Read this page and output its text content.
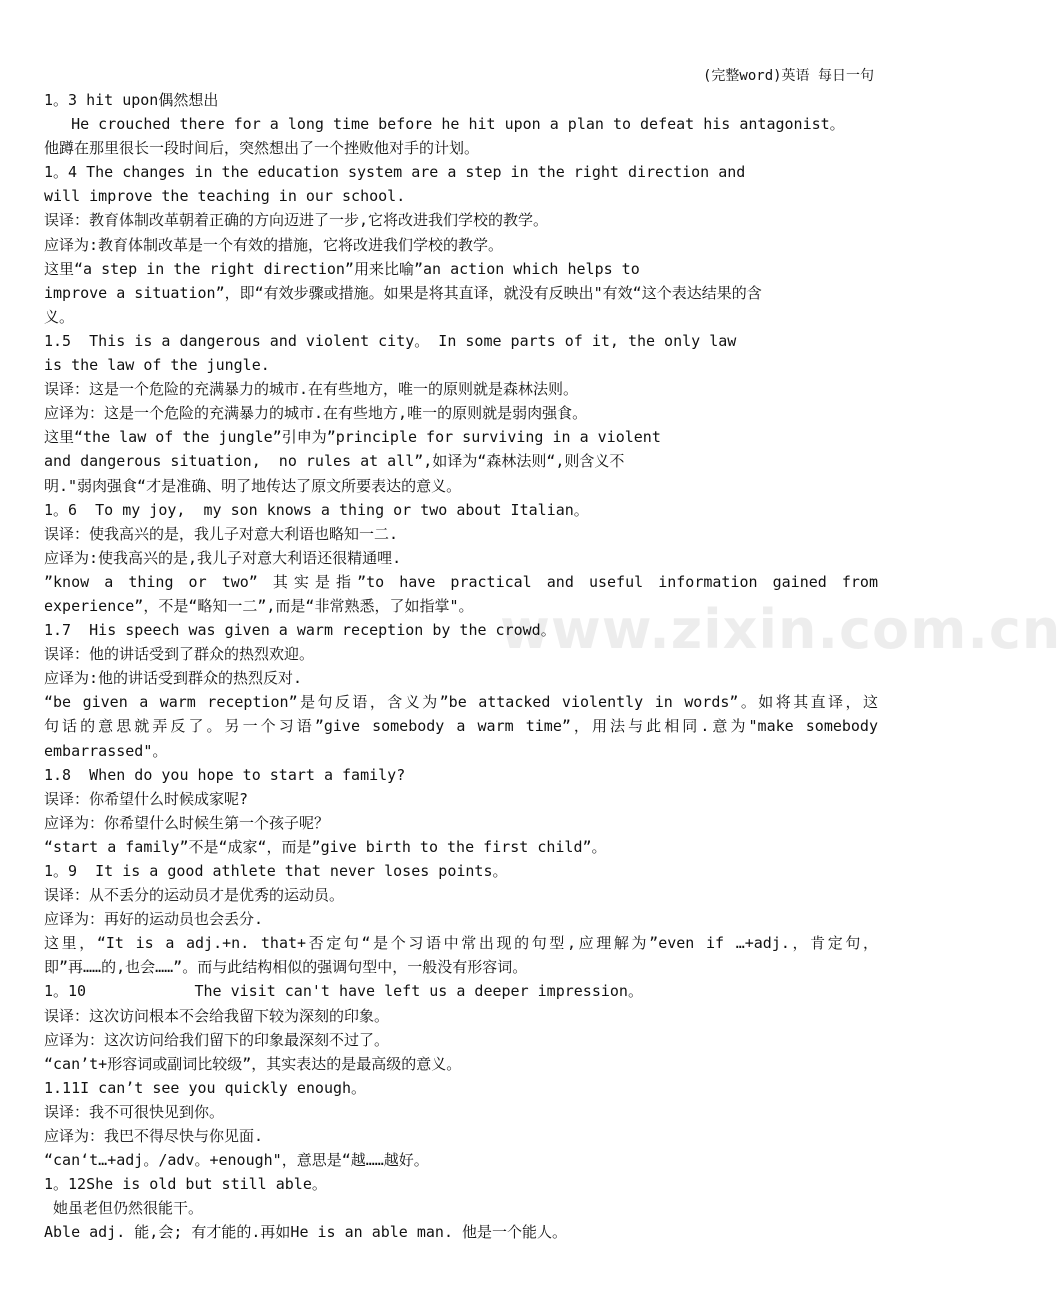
(完整word)英语 每日一句
www.zixin.com.cn
1。3 hit upon偶然想出
He crouched there for a long time before he hit upon a plan to defeat his antagonist。
他蹲在那里很长一段时间后，突然想出了一个挫败他对手的计划。
1。4 The changes in the education system are a step in the right direction and
will improve the teaching in our school.
误译：教育体制改革朝着正确的方向迈进了一步,它将改进我们学校的教学。
应译为:教育体制改革是一个有效的措施，它将改进我们学校的教学。
这里“a step in the right direction”用来比喻”an action which helps to
improve a situation”，即“有效步骤或措施。如果是将其直译，就没有反映出"有效“这个表达结果的含
义。
1.5  This is a dangerous and violent city。 In some parts of it, the only law
is the law of the jungle.
误译：这是一个危险的充满暴力的城市.在有些地方，唯一的原则就是森林法则。
应译为：这是一个危险的充满暴力的城市.在有些地方,唯一的原则就是弱肉强食。
这里“the law of the jungle”引申为”principle for surviving in a violent
and dangerous situation,  no rules at all”,如译为“森林法则“,则含义不
明."弱肉强食“才是准确、明了地传达了原文所要表达的意义。
1。6  To my joy,  my son knows a thing or two about Italian。
误译：使我高兴的是，我儿子对意大利语也略知一二.
应译为:使我高兴的是,我儿子对意大利语还很精通哩.
”know a thing or two” 其实是指”to have practical and useful information gained from
experience”，不是“略知一二”,而是“非常熟悉，了如指掌"。
1.7  His speech was given a warm reception by the crowd。
误译：他的讲话受到了群众的热烈欢迎。
应译为:他的讲话受到群众的热烈反对.
“be given a warm reception”是句反语，含义为”be attacked violently in words”。如将其直译，这
句话的意思就弄反了。另一个习语”give somebody a warm time”，用法与此相同.意为"make somebody
embarrassed"。
1.8  When do you hope to start a family?
误译：你希望什么时候成家呢?
应译为：你希望什么时候生第一个孩子呢？
“start a family”不是“成家“，而是”give birth to the first child”。
1。9  It is a good athlete that never loses points。
误译：从不丢分的运动员才是优秀的运动员。
应译为：再好的运动员也会丢分.
这里，“It is a adj.+n. that+否定句“是个习语中常出现的句型,应理解为”even if …+adj.，肯定句，
即”再……的,也会……”。而与此结构相似的强调句型中，一般没有形容词。
1。10            The visit can't have left us a deeper impression。
误译：这次访问根本不会给我留下较为深刻的印象。
应译为：这次访问给我们留下的印象最深刻不过了。
“can’t+形容词或副词比较级”，其实表达的是最高级的意义。
1.11I can’t see you quickly enough。
误译：我不可很快见到你。
应译为：我巴不得尽快与你见面.
“can‘t…+adj。/adv。+enough"，意思是“越……越好。
1。12She is old but still able。
她虽老但仍然很能干。
Able adj. 能,会; 有才能的.再如He is an able man. 他是一个能人。
